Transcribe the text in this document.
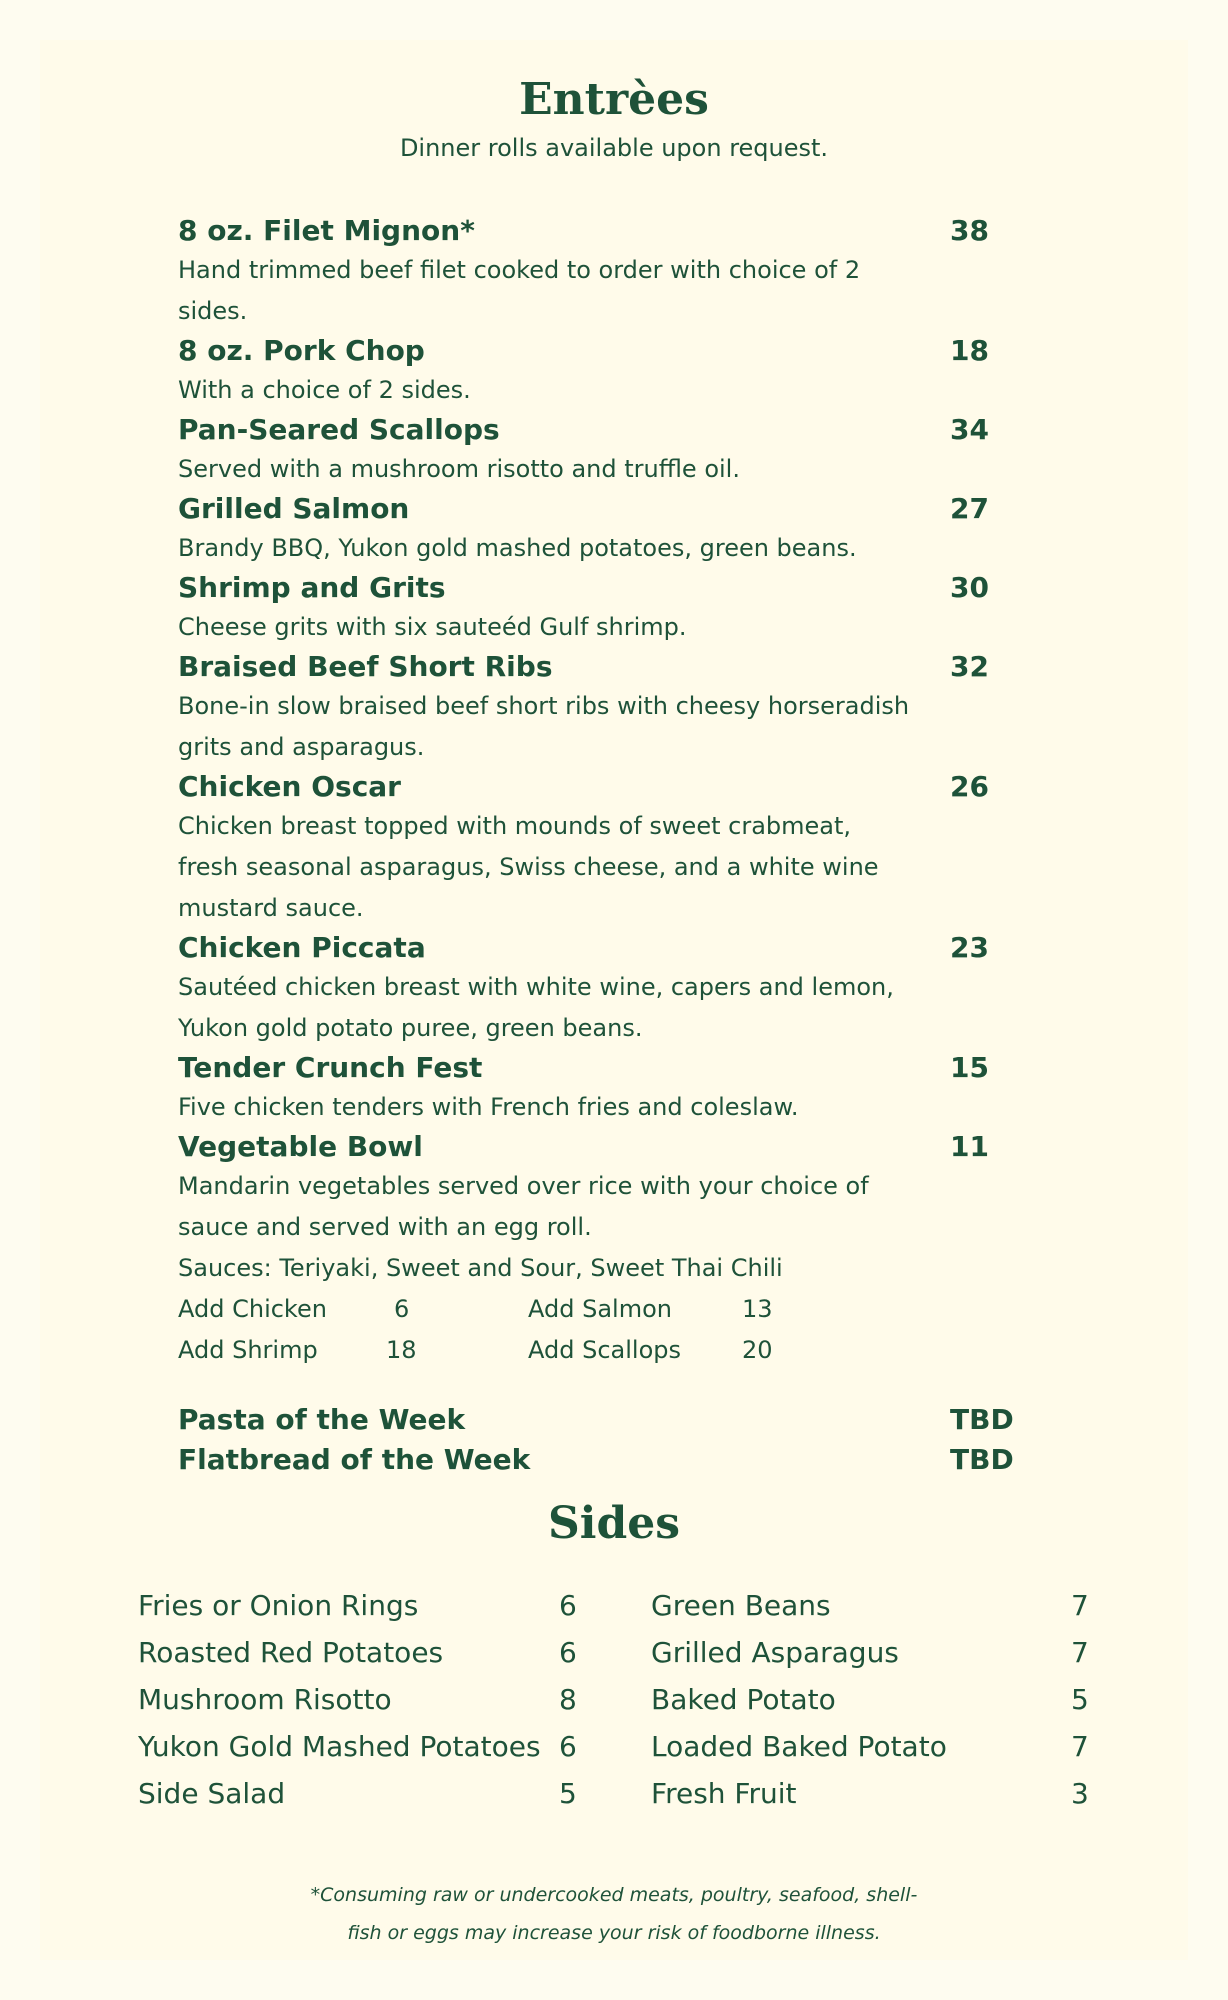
Entrèes
Dinner rolls available upon request.
8 oz. Filet Mignon*	38
Hand trimmed beef filet cooked to order with choice of 2 sides.
8 oz. Pork Chop	18
With a choice of 2 sides.
Pan-Seared Scallops	34
Served with a mushroom risotto and truffle oil.
Grilled Salmon	27
Brandy BBQ, Yukon gold mashed potatoes, green beans.
Shrimp and Grits	30
Cheese grits with six sauteéd Gulf shrimp.
Braised Beef Short Ribs	32
Bone-in slow braised beef short ribs with cheesy horseradish
grits and asparagus.
Chicken Oscar	26
Chicken breast topped with mounds of sweet crabmeat,
fresh seasonal asparagus, Swiss cheese, and a white wine
mustard sauce.
Chicken Piccata	23
Sautéed chicken breast with white wine, capers and lemon,
Yukon gold potato puree, green beans.
Tender Crunch Fest	15
Five chicken tenders with French fries and coleslaw.
Vegetable Bowl	11
Mandarin vegetables served over rice with your choice of
sauce and served with an egg roll.
Sauces: Teriyaki, Sweet and Sour, Sweet Thai Chili
Add Chicken	6	Add Salmon	13
Add Shrimp	18	Add Scallops	20
Pasta of the Week	TBD
Flatbread of the Week	TBD
Sides
Fries or Onion Rings	6
Roasted Red Potatoes	6
Mushroom Risotto	8
Yukon Gold Mashed Potatoes 6
Side Salad	5
Green Beans	7
Grilled Asparagus	7
Baked Potato	5
Loaded Baked Potato	7
Fresh Fruit	3
*Consuming raw or undercooked meats, poultry, seafood, shell-
fish or eggs may increase your risk of foodborne illness.
